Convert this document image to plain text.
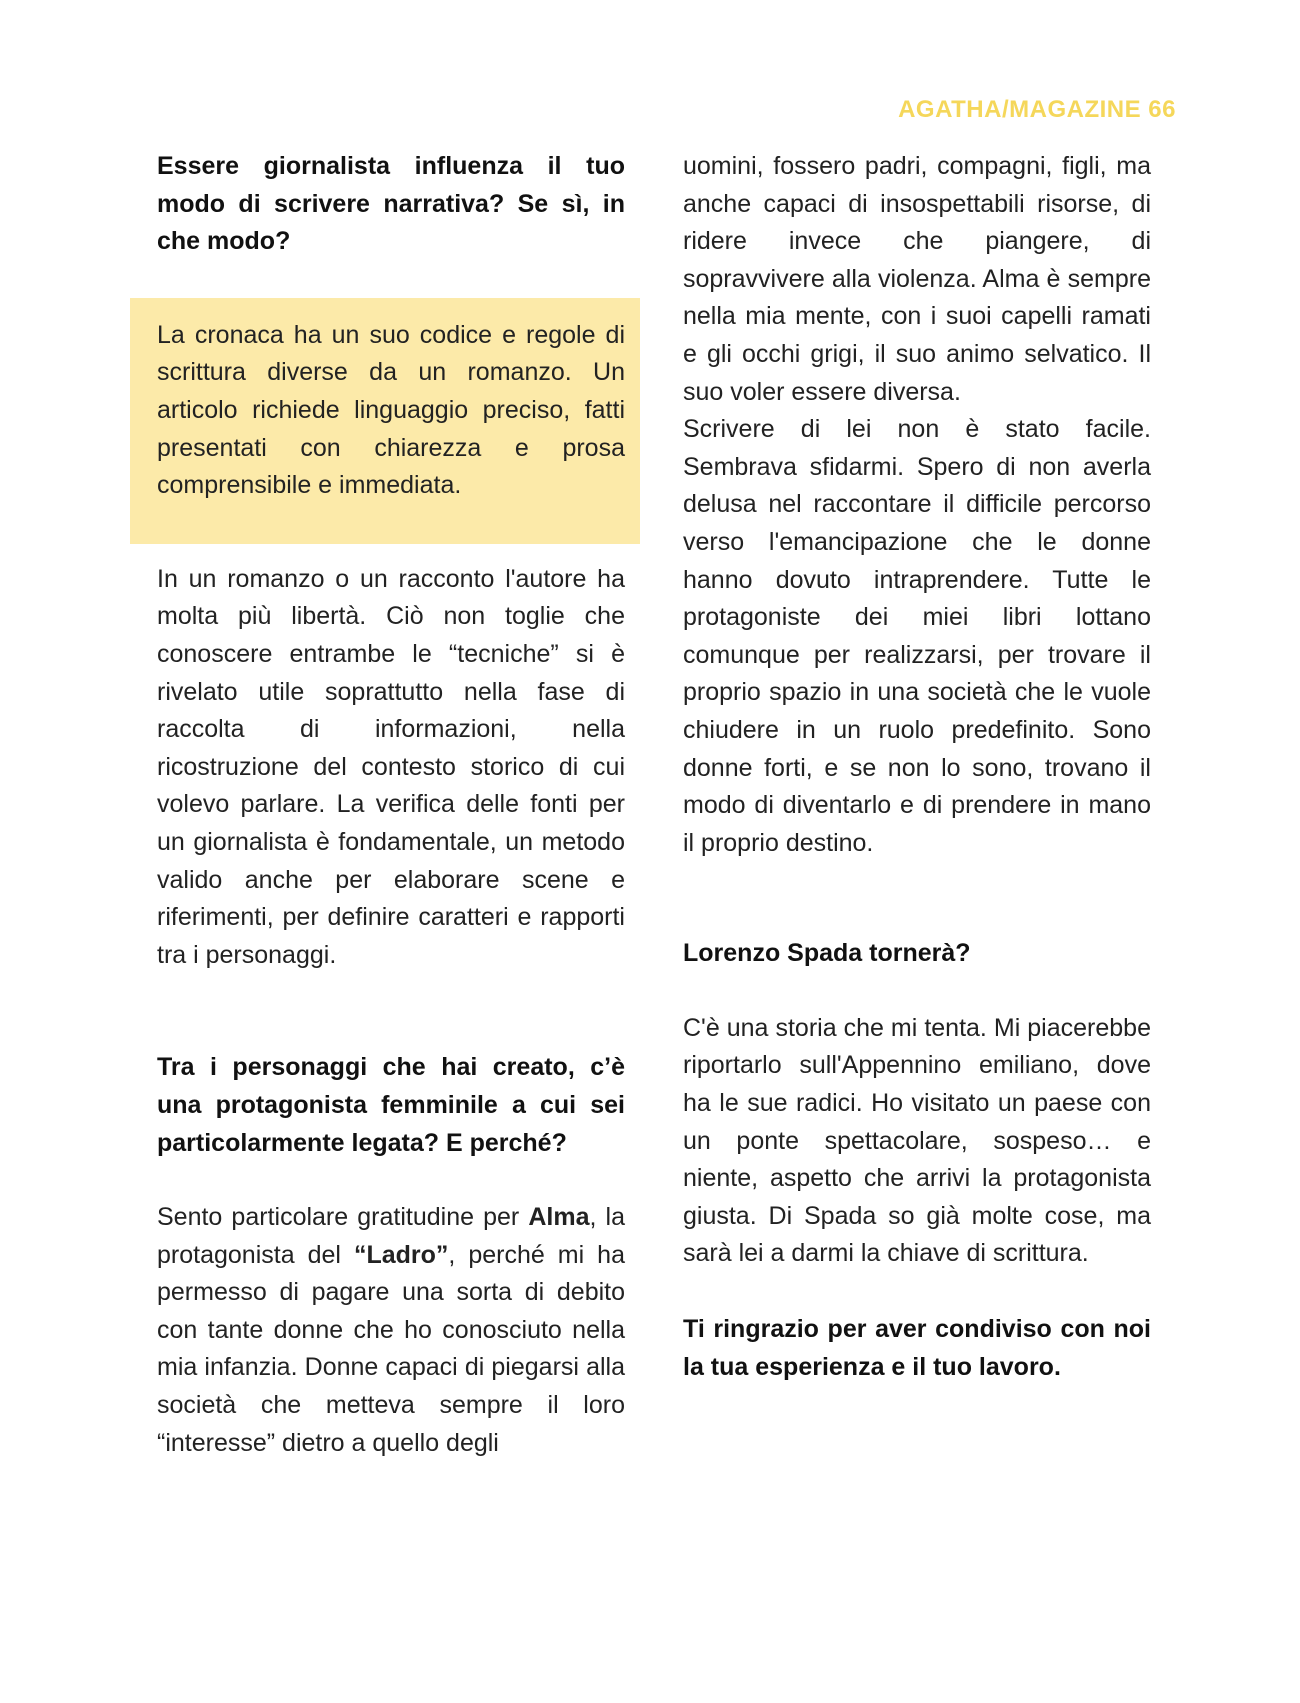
AGATHA/MAGAZINE 66

Essere giornalista influenza il tuo modo di scrivere narrativa? Se sì, in che modo?

La cronaca ha un suo codice e regole di scrittura diverse da un romanzo. Un articolo richiede linguaggio preciso, fatti presentati con chiarezza e prosa comprensibile e immediata.

In un romanzo o un racconto l'autore ha molta più libertà. Ciò non toglie che conoscere entrambe le “tecniche” si è rivelato utile soprattutto nella fase di raccolta di informazioni, nella ricostruzione del contesto storico di cui volevo parlare. La verifica delle fonti per un giornalista è fondamentale, un metodo valido anche per elaborare scene e riferimenti, per definire caratteri e rapporti tra i personaggi.

Tra i personaggi che hai creato, c’è una protagonista femminile a cui sei particolarmente legata? E perché?

Sento particolare gratitudine per Alma, la protagonista del “Ladro”, perché mi ha permesso di pagare una sorta di debito con tante donne che ho conosciuto nella mia infanzia. Donne capaci di piegarsi alla società che metteva sempre il loro “interesse” dietro a quello degli

uomini, fossero padri, compagni, figli, ma anche capaci di insospettabili risorse, di ridere invece che piangere, di sopravvivere alla violenza. Alma è sempre nella mia mente, con i suoi capelli ramati e gli occhi grigi, il suo animo selvatico. Il suo voler essere diversa.

Scrivere di lei non è stato facile. Sembrava sfidarmi. Spero di non averla delusa nel raccontare il difficile percorso verso l'emancipazione che le donne hanno dovuto intraprendere. Tutte le protagoniste dei miei libri lottano comunque per realizzarsi, per trovare il proprio spazio in una società che le vuole chiudere in un ruolo predefinito. Sono donne forti, e se non lo sono, trovano il modo di diventarlo e di prendere in mano il proprio destino.

Lorenzo Spada tornerà?

C'è una storia che mi tenta. Mi piacerebbe riportarlo sull'Appennino emiliano, dove ha le sue radici. Ho visitato un paese con un ponte spettacolare, sospeso… e niente, aspetto che arrivi la protagonista giusta. Di Spada so già molte cose, ma sarà lei a darmi la chiave di scrittura.

Ti ringrazio per aver condiviso con noi la tua esperienza e il tuo lavoro.
